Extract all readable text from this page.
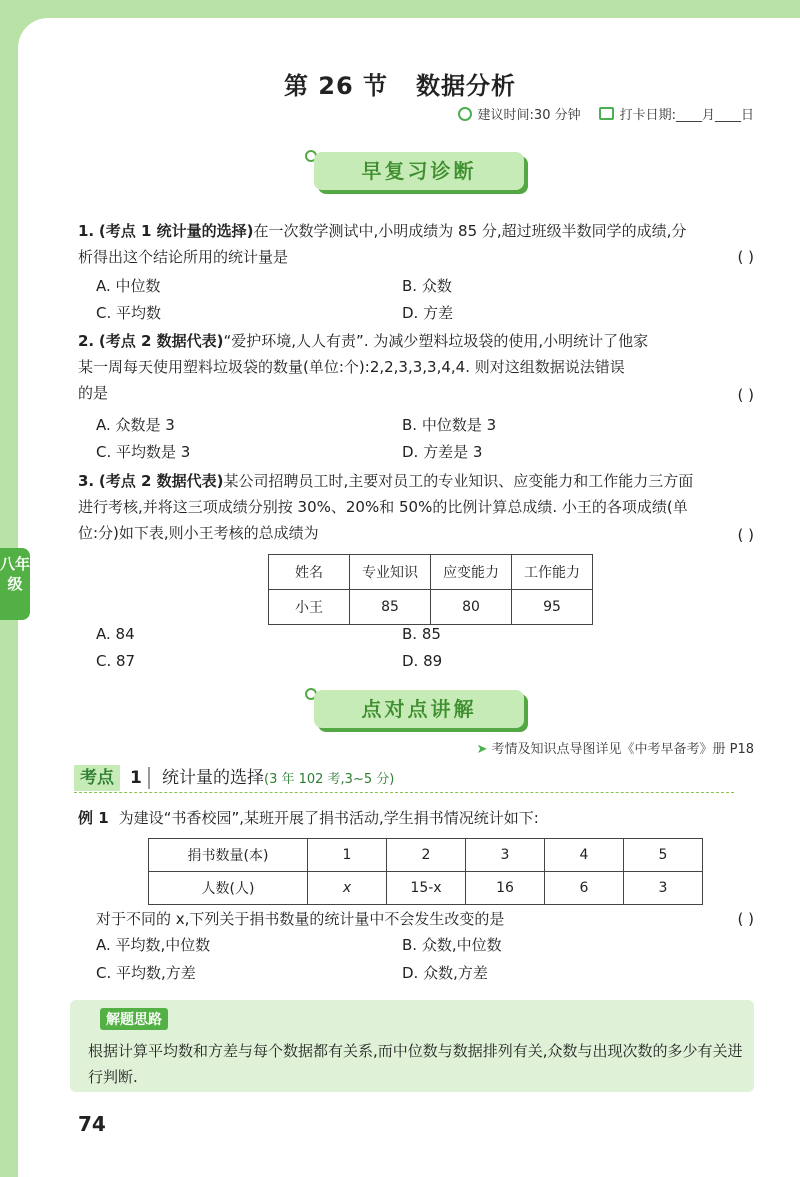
八年级
第 26 节 数据分析
建议时间:30 分钟	打卡日期:____月____日
早复习诊断
1. (考点 1 统计量的选择)在一次数学测试中,小明成绩为 85 分,超过班级半数同学的成绩,分
析得出这个结论所用的统计量是	( )
A. 中位数	B. 众数
C. 平均数	D. 方差
2. (考点 2 数据代表)“爱护环境,人人有责”. 为减少塑料垃圾袋的使用,小明统计了他家
某一周每天使用塑料垃圾袋的数量(单位:个):2,2,3,3,3,4,4. 则对这组数据说法错误
的是	( )
A. 众数是 3	B. 中位数是 3
C. 平均数是 3	D. 方差是 3
3. (考点 2 数据代表)某公司招聘员工时,主要对员工的专业知识、应变能力和工作能力三方面
进行考核,并将这三项成绩分别按 30%、20%和 50%的比例计算总成绩. 小王的各项成绩(单
位:分)如下表,则小王考核的总成绩为	( )
姓名	专业知识	应变能力	工作能力
小王	85	80	95
A. 84	B. 85
C. 87	D. 89
点对点讲解
➤ 考情及知识点导图详见《中考早备考》册 P18
考点 1 统计量的选择(3 年 102 考,3~5 分)
例 1 为建设“书香校园”,某班开展了捐书活动,学生捐书情况统计如下:
捐书数量(本)	1	2	3	4	5
人数(人)	x	15-x	16	6	3
对于不同的 x,下列关于捐书数量的统计量中不会发生改变的是	( )
A. 平均数,中位数	B. 众数,中位数
C. 平均数,方差	D. 众数,方差
解题思路
根据计算平均数和方差与每个数据都有关系,而中位数与数据排列有关,众数与出现次数的多少有关进行判断.
74
